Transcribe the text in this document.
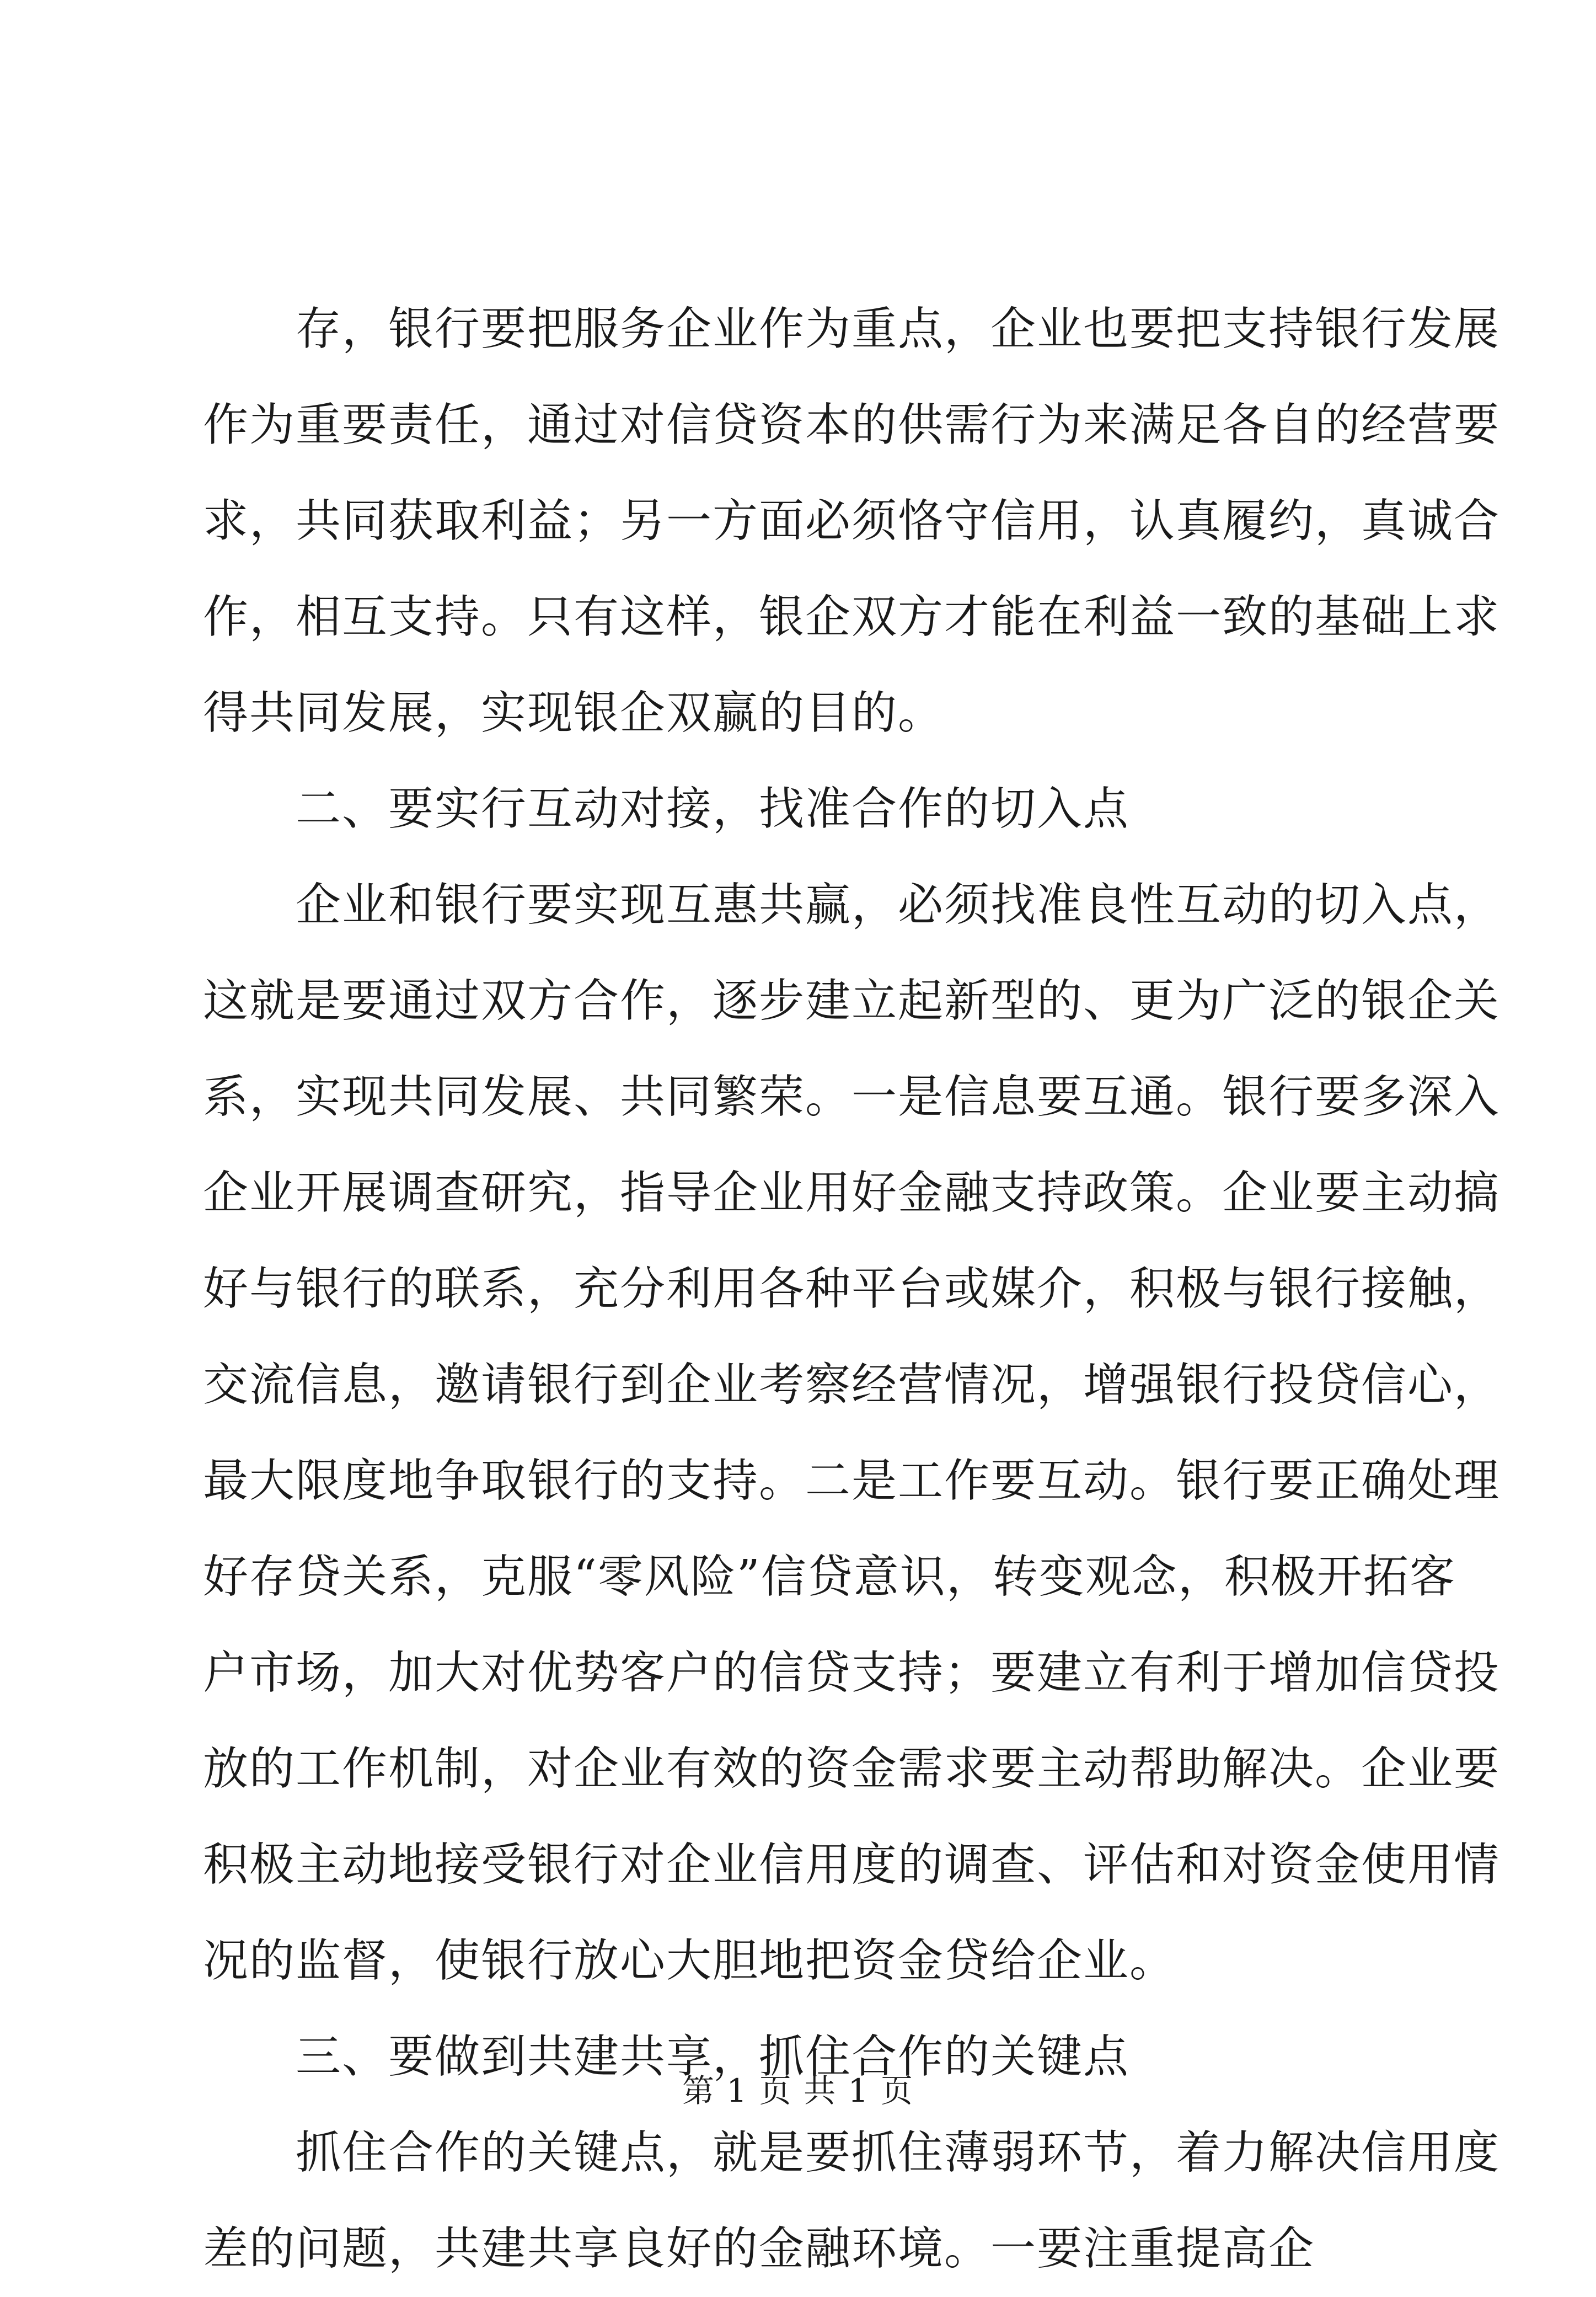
存，银行要把服务企业作为重点，企业也要把支持银行发展
作为重要责任，通过对信贷资本的供需行为来满足各自的经营要
求，共同获取利益；另一方面必须恪守信用，认真履约，真诚合
作，相互支持。只有这样，银企双方才能在利益一致的基础上求
得共同发展，实现银企双赢的目的。
二、要实行互动对接，找准合作的切入点
企业和银行要实现互惠共赢，必须找准良性互动的切入点，
这就是要通过双方合作，逐步建立起新型的、更为广泛的银企关
系，实现共同发展、共同繁荣。一是信息要互通。银行要多深入
企业开展调查研究，指导企业用好金融支持政策。企业要主动搞
好与银行的联系，充分利用各种平台或媒介，积极与银行接触，
交流信息，邀请银行到企业考察经营情况，增强银行投贷信心，
最大限度地争取银行的支持。二是工作要互动。银行要正确处理
好存贷关系，克服“零风险”信贷意识，转变观念，积极开拓客
户市场，加大对优势客户的信贷支持；要建立有利于增加信贷投
放的工作机制，对企业有效的资金需求要主动帮助解决。企业要
积极主动地接受银行对企业信用度的调查、评估和对资金使用情
况的监督，使银行放心大胆地把资金贷给企业。
三、要做到共建共享，抓住合作的关键点
抓住合作的关键点，就是要抓住薄弱环节，着力解决信用度
差的问题，共建共享良好的金融环境。一要注重提高企
第 1 页 共 1 页
